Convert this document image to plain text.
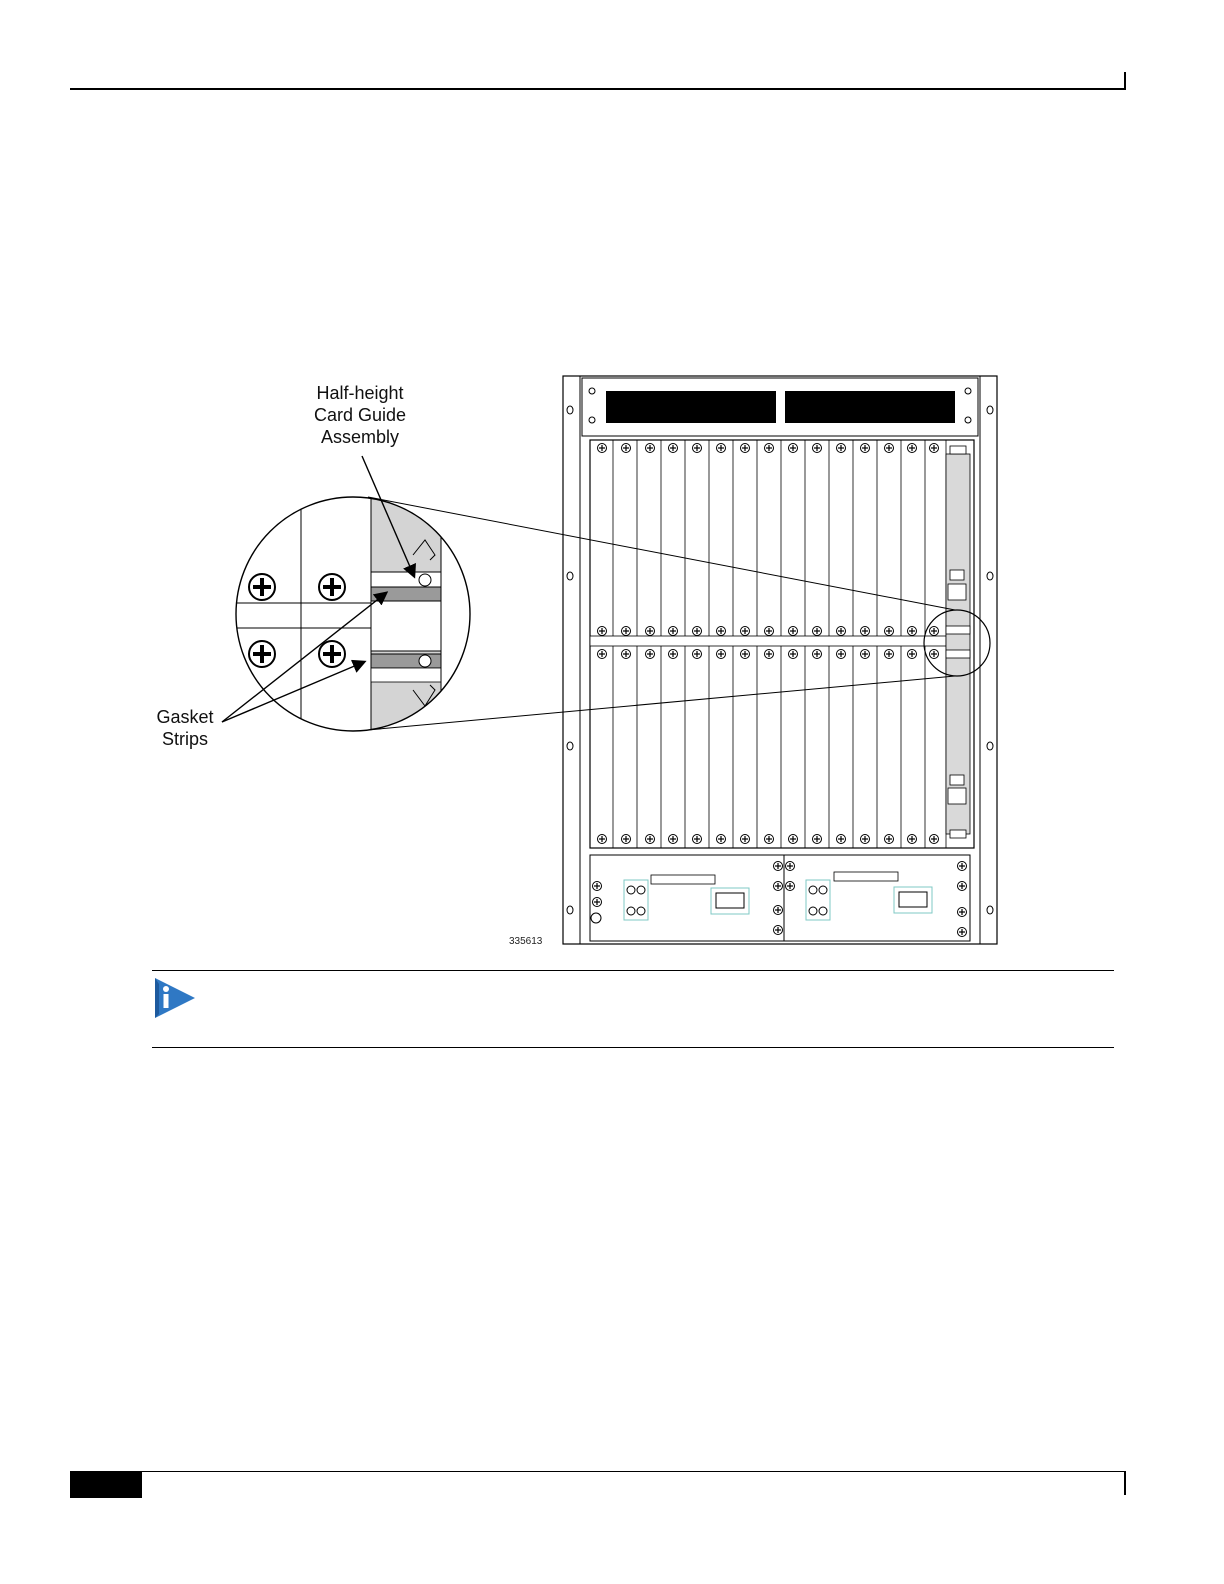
Half-height
Card Guide
Assembly
Gasket
Strips
335613
